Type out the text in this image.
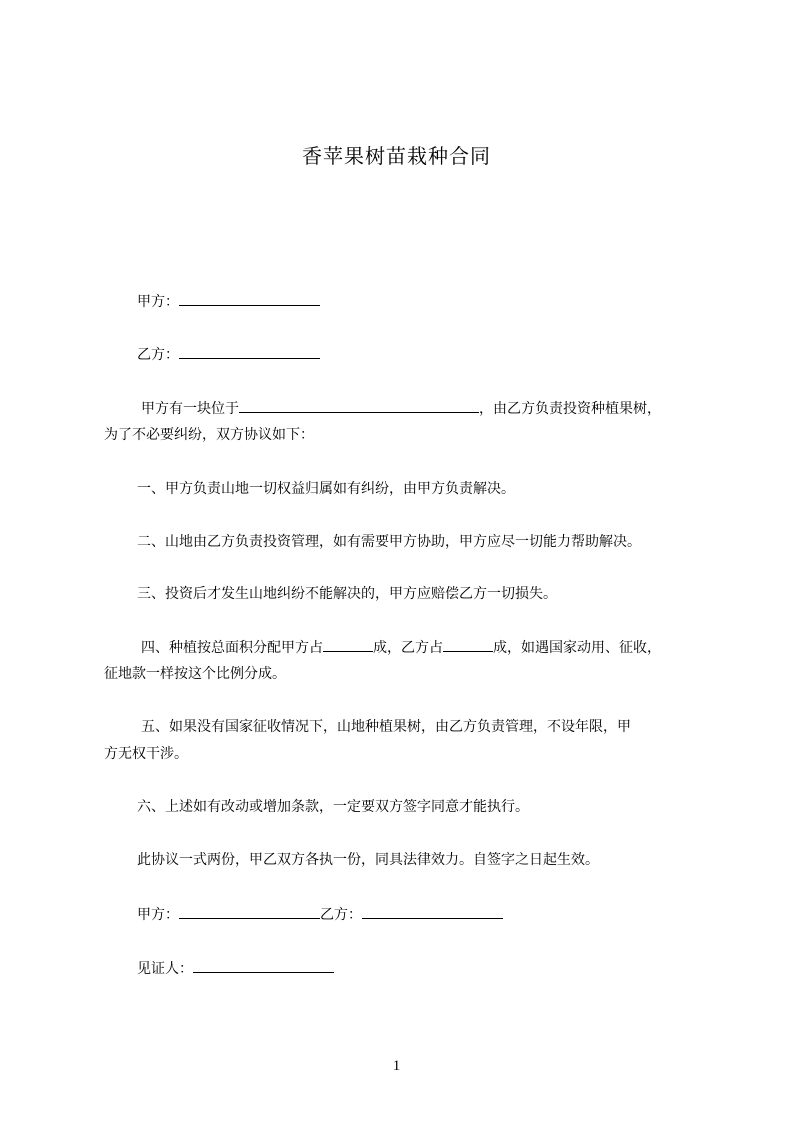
香苹果树苗栽种合同
甲方：
乙方：
甲方有一块位于	，由乙方负责投资种植果树，
为了不必要纠纷，双方协议如下：
一、甲方负责山地一切权益归属如有纠纷，由甲方负责解决。
二、山地由乙方负责投资管理，如有需要甲方协助，甲方应尽一切能力帮助解决。
三、投资后才发生山地纠纷不能解决的，甲方应赔偿乙方一切损失。
四、种植按总面积分配甲方占	成，乙方占	成，如遇国家动用、征收，
征地款一样按这个比例分成。
五、如果没有国家征收情况下，山地种植果树，由乙方负责管理，不设年限，甲
方无权干涉。
六、上述如有改动或增加条款，一定要双方签字同意才能执行。
此协议一式两份，甲乙双方各执一份，同具法律效力。自签字之日起生效。
甲方：	乙方：
见证人：
1
